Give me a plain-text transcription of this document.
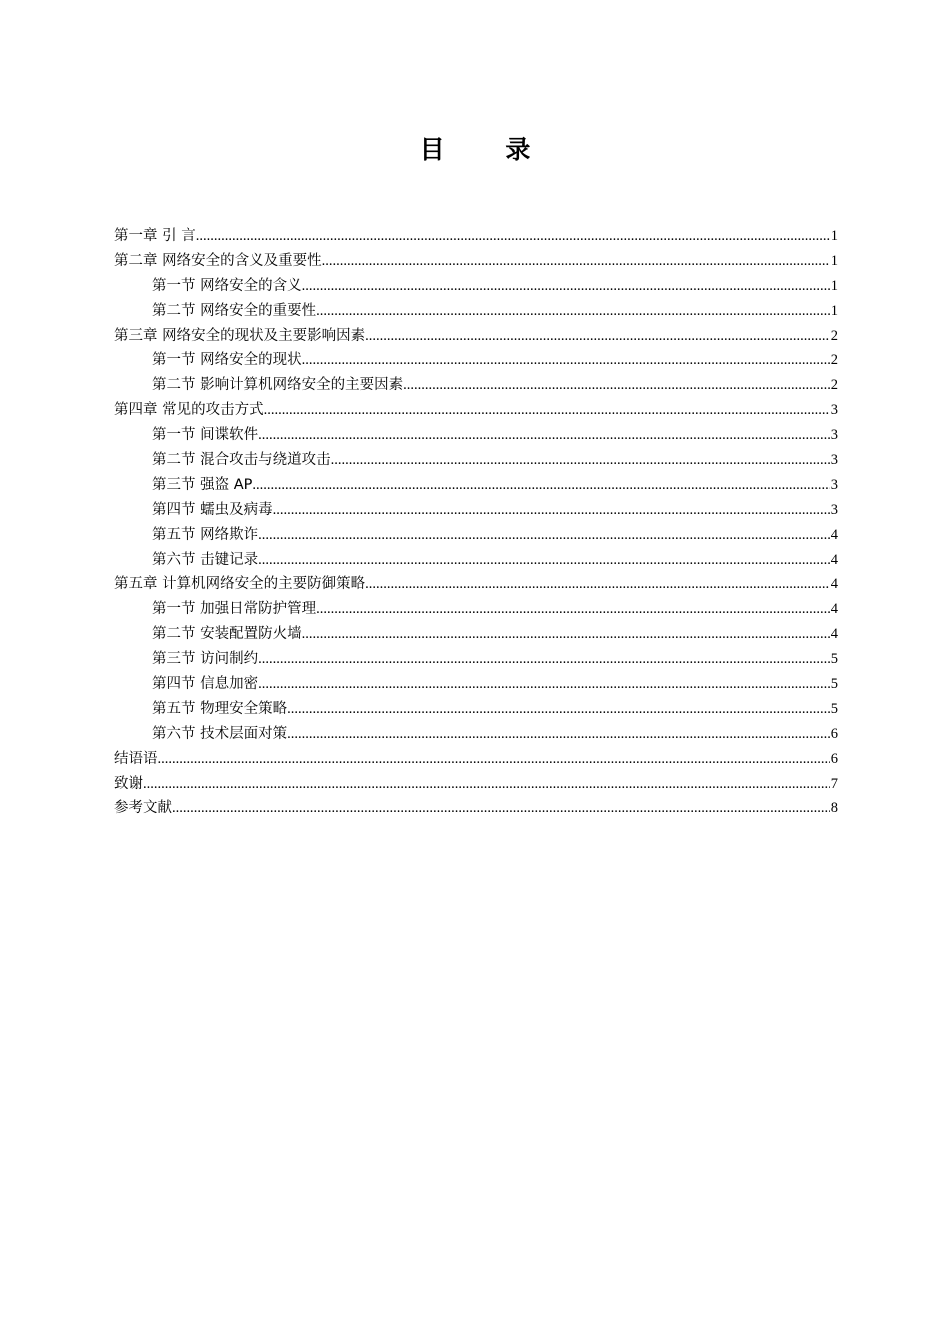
目 录
第一章 引 言 .....	1
第二章 网络安全的含义及重要性 .....	1
第一节 网络安全的含义 .....	1
第二节 网络安全的重要性 .....	1
第三章 网络安全的现状及主要影响因素 .....	2
第一节 网络安全的现状 .....	2
第二节 影响计算机网络安全的主要因素 .....	2
第四章 常见的攻击方式 .....	3
第一节 间谍软件 .....	3
第二节 混合攻击与绕道攻击 .....	3
第三节 强盗 AP .....	3
第四节 蠕虫及病毒 .....	3
第五节 网络欺诈 .....	4
第六节 击键记录 .....	4
第五章 计算机网络安全的主要防御策略 .....	4
第一节 加强日常防护管理 .....	4
第二节 安装配置防火墙 .....	4
第三节 访问制约 .....	5
第四节 信息加密 .....	5
第五节 物理安全策略 .....	5
第六节 技术层面对策 .....	6
结语语 .....	6
致谢 .....	7
参考文献 .....	8
